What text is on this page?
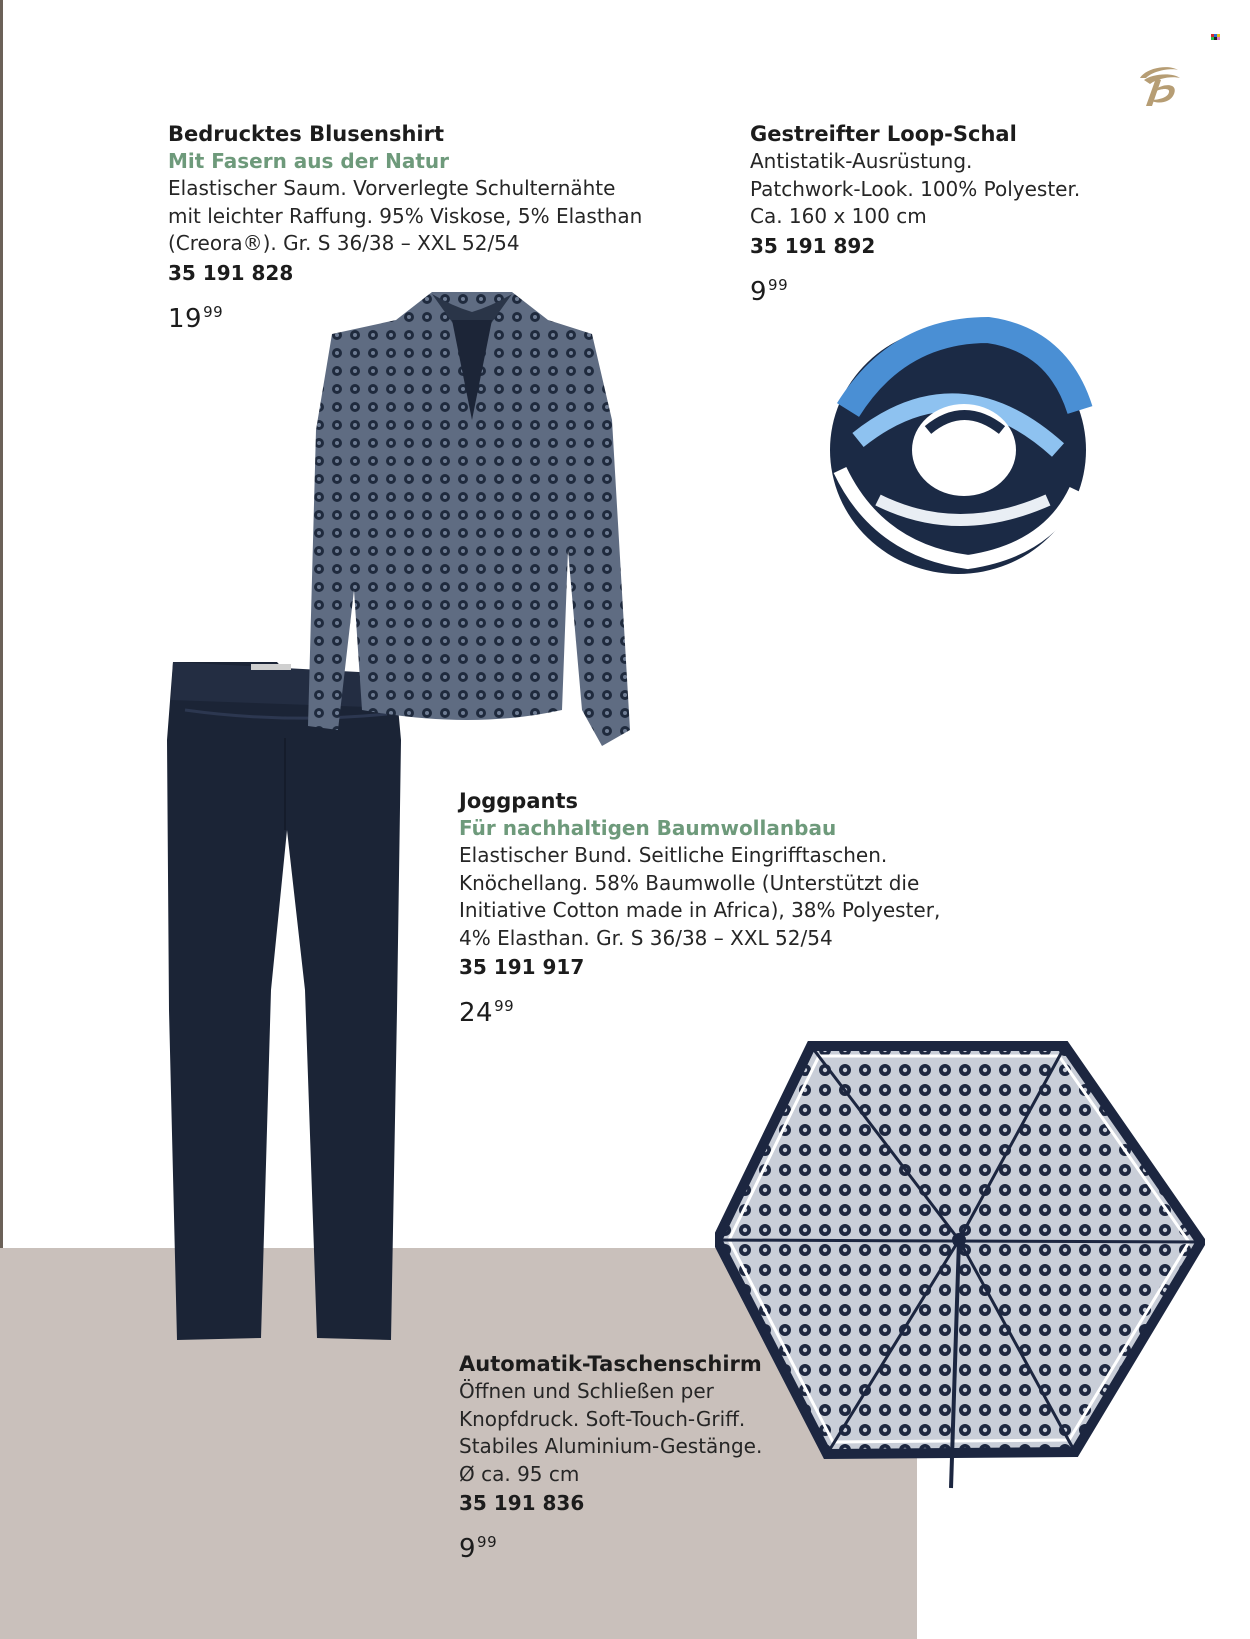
Bedrucktes Blusenshirt
Mit Fasern aus der Natur
Elastischer Saum. Vorverlegte Schulternähte
mit leichter Raffung. 95% Viskose, 5% Elasthan
(Creora®). Gr. S 36/38 – XXL 52/54
35 191 828
$19^{99}$
Gestreifter Loop-Schal
Antistatik-Ausrüstung.
Patchwork-Look. 100% Polyester.
Ca. 160 x 100 cm
35 191 892
$9^{99}$
Joggpants
Für nachhaltigen Baumwollanbau
Elastischer Bund. Seitliche Eingrifftaschen.
Knöchellang. 58% Baumwolle (Unterstützt die
Initiative Cotton made in Africa), 38% Polyester,
4% Elasthan. Gr. S 36/38 – XXL 52/54
35 191 917
$24^{99}$
Automatik-Taschenschirm
Öffnen und Schließen per
Knopfdruck. Soft-Touch-Griff.
Stabiles Aluminium-Gestänge.
Ø ca. 95 cm
35 191 836
$9^{99}$
